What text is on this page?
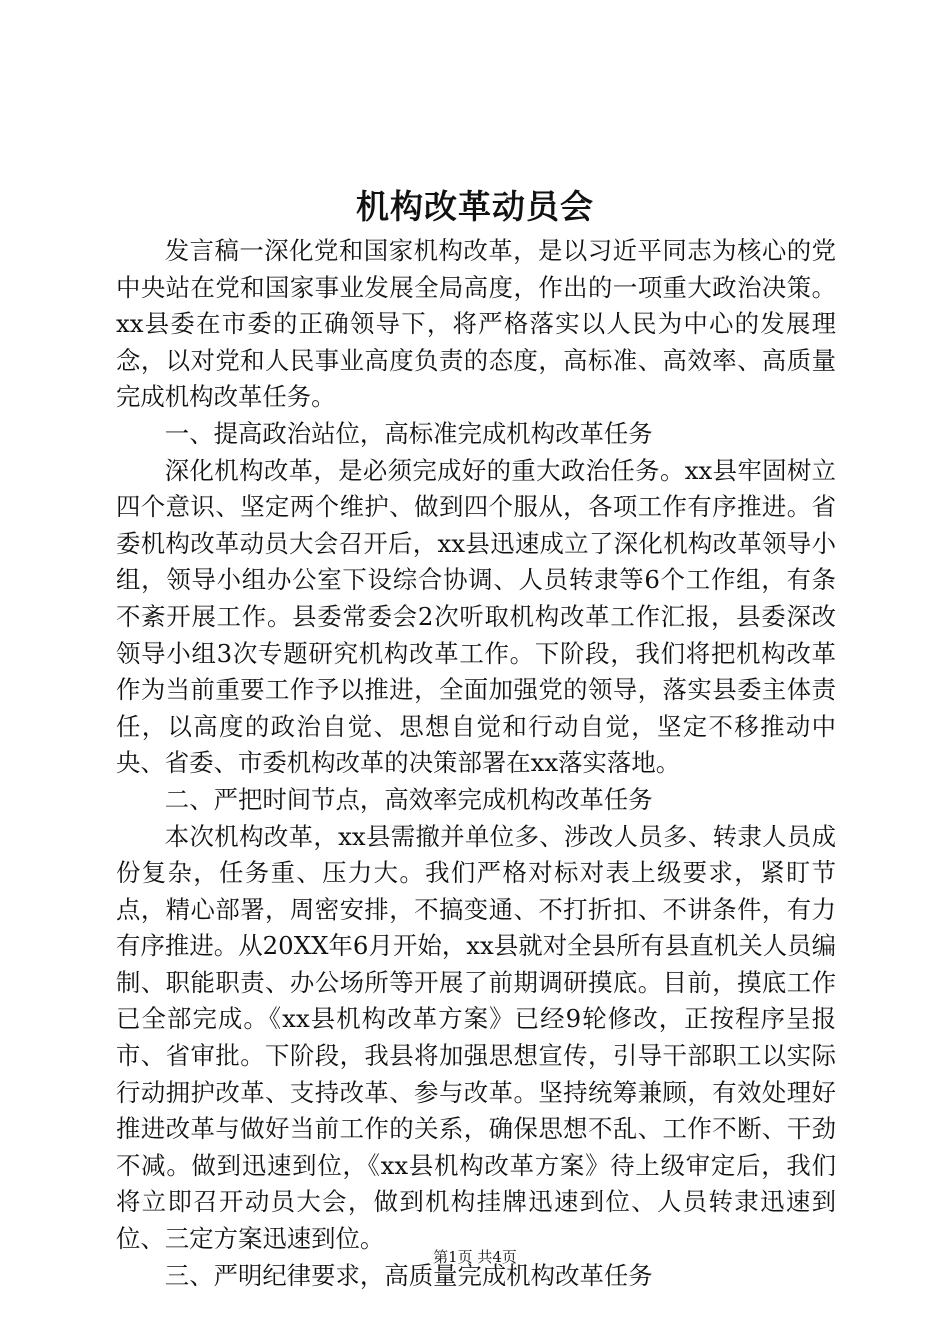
机构改革动员会

发言稿一深化党和国家机构改革，是以习近平同志为核心的党中央站在党和国家事业发展全局高度，作出的一项重大政治决策。xx县委在市委的正确领导下，将严格落实以人民为中心的发展理念，以对党和人民事业高度负责的态度，高标准、高效率、高质量完成机构改革任务。

一、提高政治站位，高标准完成机构改革任务

深化机构改革，是必须完成好的重大政治任务。xx县牢固树立四个意识、坚定两个维护、做到四个服从，各项工作有序推进。省委机构改革动员大会召开后，xx县迅速成立了深化机构改革领导小组，领导小组办公室下设综合协调、人员转隶等6个工作组，有条不紊开展工作。县委常委会2次听取机构改革工作汇报，县委深改领导小组3次专题研究机构改革工作。下阶段，我们将把机构改革作为当前重要工作予以推进，全面加强党的领导，落实县委主体责任，以高度的政治自觉、思想自觉和行动自觉，坚定不移推动中央、省委、市委机构改革的决策部署在xx落实落地。

二、严把时间节点，高效率完成机构改革任务

本次机构改革，xx县需撤并单位多、涉改人员多、转隶人员成份复杂，任务重、压力大。我们严格对标对表上级要求，紧盯节点，精心部署，周密安排，不搞变通、不打折扣、不讲条件，有力有序推进。从20XX年6月开始，xx县就对全县所有县直机关人员编制、职能职责、办公场所等开展了前期调研摸底。目前，摸底工作已全部完成。《xx县机构改革方案》已经9轮修改，正按程序呈报市、省审批。下阶段，我县将加强思想宣传，引导干部职工以实际行动拥护改革、支持改革、参与改革。坚持统筹兼顾，有效处理好推进改革与做好当前工作的关系，确保思想不乱、工作不断、干劲不减。做到迅速到位，《xx县机构改革方案》待上级审定后，我们将立即召开动员大会，做到机构挂牌迅速到位、人员转隶迅速到位、三定方案迅速到位。

三、严明纪律要求，高质量完成机构改革任务

第1页 共4页
